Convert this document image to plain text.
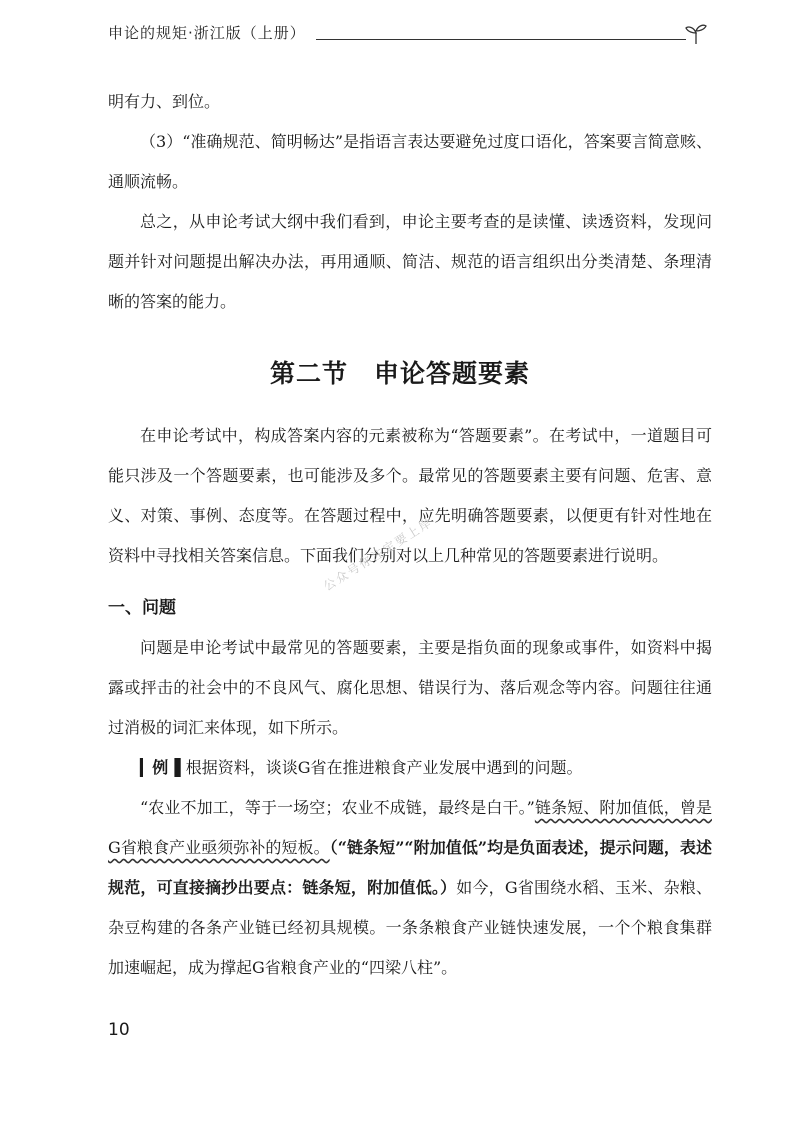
申论的规矩·浙江版（上册）

明有力、到位。

（3）“准确规范、简明畅达”是指语言表达要避免过度口语化，答案要言简意赅、通顺流畅。

总之，从申论考试大纲中我们看到，申论主要考查的是读懂、读透资料，发现问题并针对问题提出解决办法，再用通顺、简洁、规范的语言组织出分类清楚、条理清晰的答案的能力。

第二节　申论答题要素

在申论考试中，构成答案内容的元素被称为“答题要素”。在考试中，一道题目可能只涉及一个答题要素，也可能涉及多个。最常见的答题要素主要有问题、危害、意义、对策、事例、态度等。在答题过程中，应先明确答题要素，以便更有针对性地在资料中寻找相关答案信息。下面我们分别对以上几种常见的答题要素进行说明。

一、问题

问题是申论考试中最常见的答题要素，主要是指负面的现象或事件，如资料中揭露或抨击的社会中的不良风气、腐化思想、错误行为、落后观念等内容。问题往往通过消极的词汇来体现，如下所示。

▎例▐ 根据资料，谈谈G省在推进粮食产业发展中遇到的问题。

“农业不加工，等于一场空；农业不成链，最终是白干。”链条短、附加值低，曾是G省粮食产业亟须弥补的短板。（“链条短”“附加值低”均是负面表述，提示问题，表述规范，可直接摘抄出要点：链条短，附加值低。）如今，G省围绕水稻、玉米、杂粮、杂豆构建的各条产业链已经初具规模。一条条粮食产业链快速发展，一个个粮食集群加速崛起，成为撑起G省粮食产业的“四梁八柱”。

公众号你注定要上岸
10
